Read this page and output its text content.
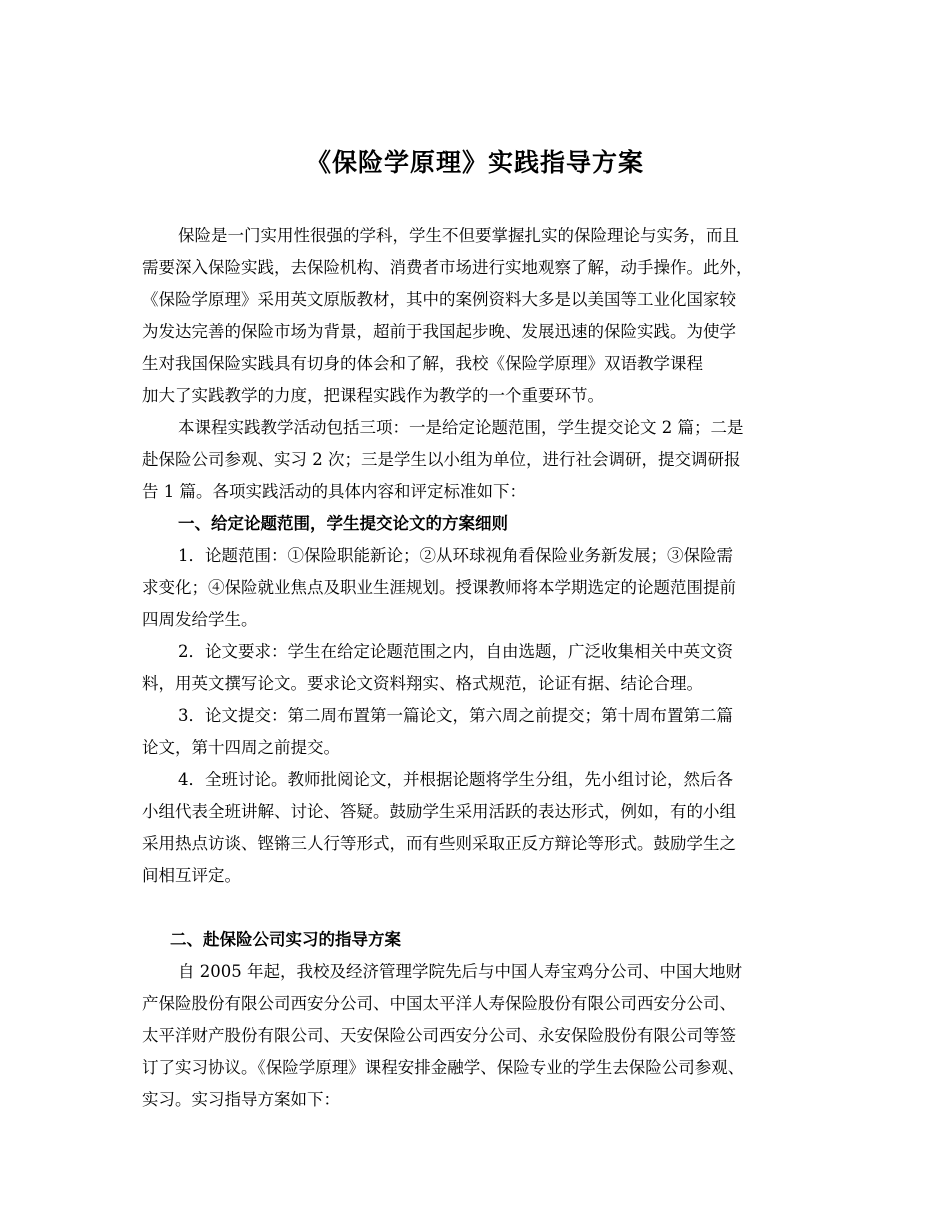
《保险学原理》实践指导方案
保险是一门实用性很强的学科，学生不但要掌握扎实的保险理论与实务，而且
需要深入保险实践，去保险机构、消费者市场进行实地观察了解，动手操作。此外，
《保险学原理》采用英文原版教材，其中的案例资料大多是以美国等工业化国家较
为发达完善的保险市场为背景，超前于我国起步晚、发展迅速的保险实践。为使学
生对我国保险实践具有切身的体会和了解，我校《保险学原理》双语教学课程
加大了实践教学的力度，把课程实践作为教学的一个重要环节。
本课程实践教学活动包括三项：一是给定论题范围，学生提交论文 2 篇；二是
赴保险公司参观、实习 2 次；三是学生以小组为单位，进行社会调研，提交调研报
告 1 篇。各项实践活动的具体内容和评定标准如下：
一、给定论题范围，学生提交论文的方案细则
1．论题范围：①保险职能新论；②从环球视角看保险业务新发展；③保险需
求变化；④保险就业焦点及职业生涯规划。授课教师将本学期选定的论题范围提前
四周发给学生。
2．论文要求：学生在给定论题范围之内，自由选题，广泛收集相关中英文资
料，用英文撰写论文。要求论文资料翔实、格式规范，论证有据、结论合理。
3．论文提交：第二周布置第一篇论文，第六周之前提交；第十周布置第二篇
论文，第十四周之前提交。
4．全班讨论。教师批阅论文，并根据论题将学生分组，先小组讨论，然后各
小组代表全班讲解、讨论、答疑。鼓励学生采用活跃的表达形式，例如，有的小组
采用热点访谈、铿锵三人行等形式，而有些则采取正反方辩论等形式。鼓励学生之
间相互评定。
二、赴保险公司实习的指导方案
自 2005 年起，我校及经济管理学院先后与中国人寿宝鸡分公司、中国大地财
产保险股份有限公司西安分公司、中国太平洋人寿保险股份有限公司西安分公司、
太平洋财产股份有限公司、天安保险公司西安分公司、永安保险股份有限公司等签
订了实习协议。《保险学原理》课程安排金融学、保险专业的学生去保险公司参观、
实习。实习指导方案如下：
